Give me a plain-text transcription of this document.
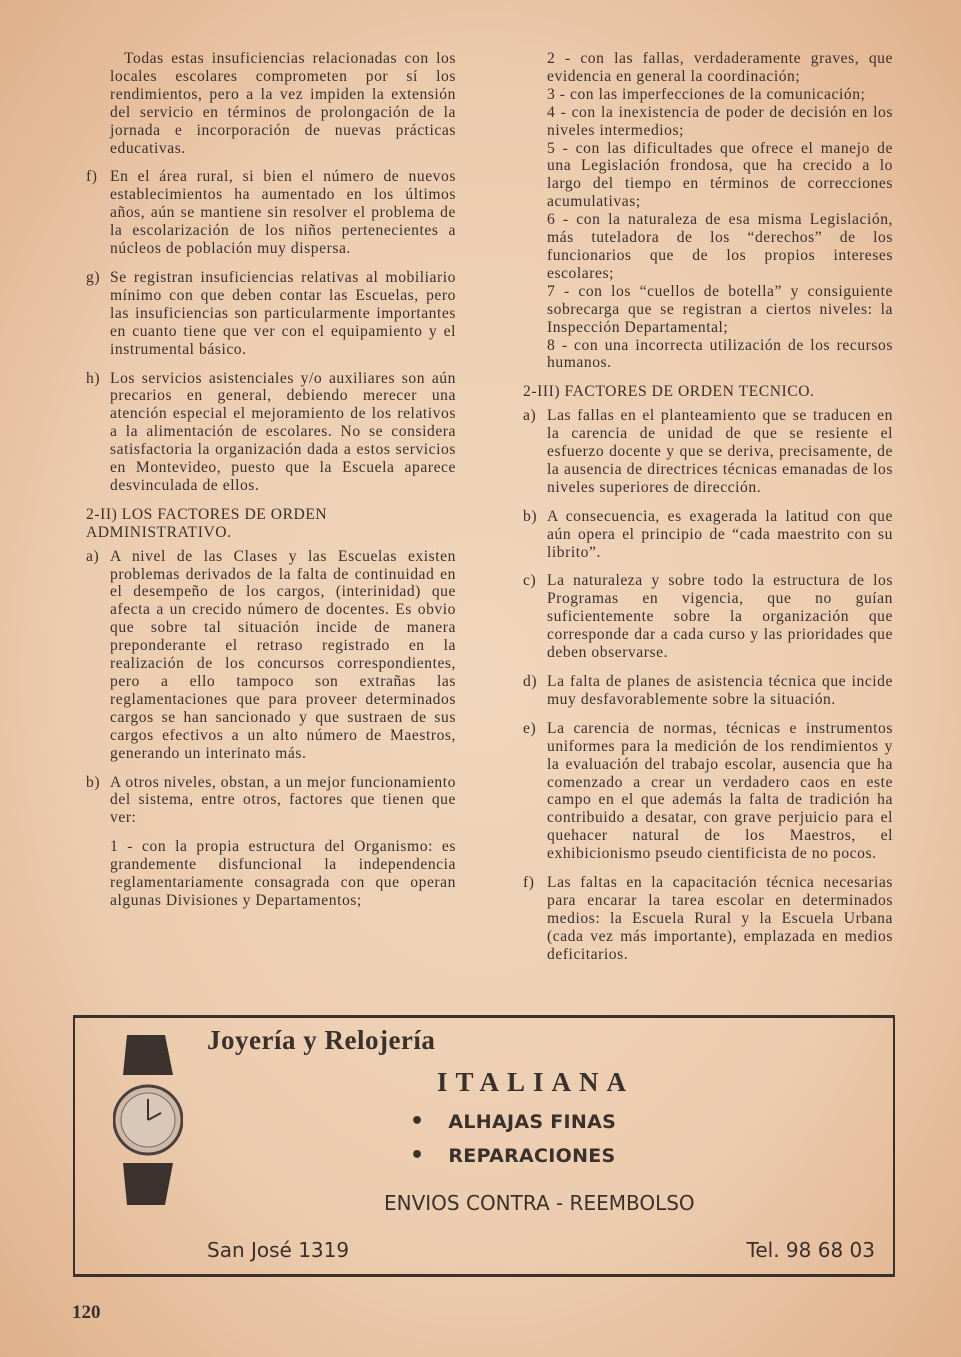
Todas estas insuficiencias relacionadas con los locales escolares comprometen por sí los rendimientos, pero a la vez impiden la extensión del servicio en términos de prolongación de la jornada e incorporación de nuevas prácticas educativas.
f) En el área rural, si bien el número de nuevos establecimientos ha aumentado en los últimos años, aún se mantiene sin resolver el problema de la escolarización de los niños pertenecientes a núcleos de población muy dispersa.
g) Se registran insuficiencias relativas al mobiliario mínimo con que deben contar las Escuelas, pero las insuficiencias son particularmente importantes en cuanto tiene que ver con el equipamiento y el instrumental básico.
h) Los servicios asistenciales y/o auxiliares son aún precarios en general, debiendo merecer una atención especial el mejoramiento de los relativos a la alimentación de escolares. No se considera satisfactoria la organización dada a estos servicios en Montevideo, puesto que la Escuela aparece desvinculada de ellos.
2-II) LOS FACTORES DE ORDEN ADMINISTRATIVO.
a) A nivel de las Clases y las Escuelas existen problemas derivados de la falta de continuidad en el desempeño de los cargos, (interinidad) que afecta a un crecido número de docentes. Es obvio que sobre tal situación incide de manera preponderante el retraso registrado en la realización de los concursos correspondientes, pero a ello tampoco son extrañas las reglamentaciones que para proveer determinados cargos se han sancionado y que sustraen de sus cargos efectivos a un alto número de Maestros, generando un interinato más.
b) A otros niveles, obstan, a un mejor funcionamiento del sistema, entre otros, factores que tienen que ver:
1 - con la propia estructura del Organismo: es grandemente disfuncional la independencia reglamentariamente consagrada con que operan algunas Divisiones y Departamentos;
2 - con las fallas, verdaderamente graves, que evidencia en general la coordinación;
3 - con las imperfecciones de la comunicación;
4 - con la inexistencia de poder de decisión en los niveles intermedios;
5 - con las dificultades que ofrece el manejo de una Legislación frondosa, que ha crecido a lo largo del tiempo en términos de correcciones acumulativas;
6 - con la naturaleza de esa misma Legislación, más tuteladora de los “derechos” de los funcionarios que de los propios intereses escolares;
7 - con los “cuellos de botella” y consiguiente sobrecarga que se registran a ciertos niveles: la Inspección Departamental;
8 - con una incorrecta utilización de los recursos humanos.
2-III) FACTORES DE ORDEN TECNICO.
a) Las fallas en el planteamiento que se traducen en la carencia de unidad de que se resiente el esfuerzo docente y que se deriva, precisamente, de la ausencia de directrices técnicas emanadas de los niveles superiores de dirección.
b) A consecuencia, es exagerada la latitud con que aún opera el principio de “cada maestrito con su librito”.
c) La naturaleza y sobre todo la estructura de los Programas en vigencia, que no guían suficientemente sobre la organización que corresponde dar a cada curso y las prioridades que deben observarse.
d) La falta de planes de asistencia técnica que incide muy desfavorablemente sobre la situación.
e) La carencia de normas, técnicas e instrumentos uniformes para la medición de los rendimientos y la evaluación del trabajo escolar, ausencia que ha comenzado a crear un verdadero caos en este campo en el que además la falta de tradición ha contribuido a desatar, con grave perjuicio para el quehacer natural de los Maestros, el exhibicionismo pseudo cientificista de no pocos.
f) Las faltas en la capacitación técnica necesarias para encarar la tarea escolar en determinados medios: la Escuela Rural y la Escuela Urbana (cada vez más importante), emplazada en medios deficitarios.
Joyería y Relojería
ITALIANA
• ALHAJAS FINAS
• REPARACIONES
ENVIOS CONTRA - REEMBOLSO
San José 1319	Tel. 98 68 03
120
